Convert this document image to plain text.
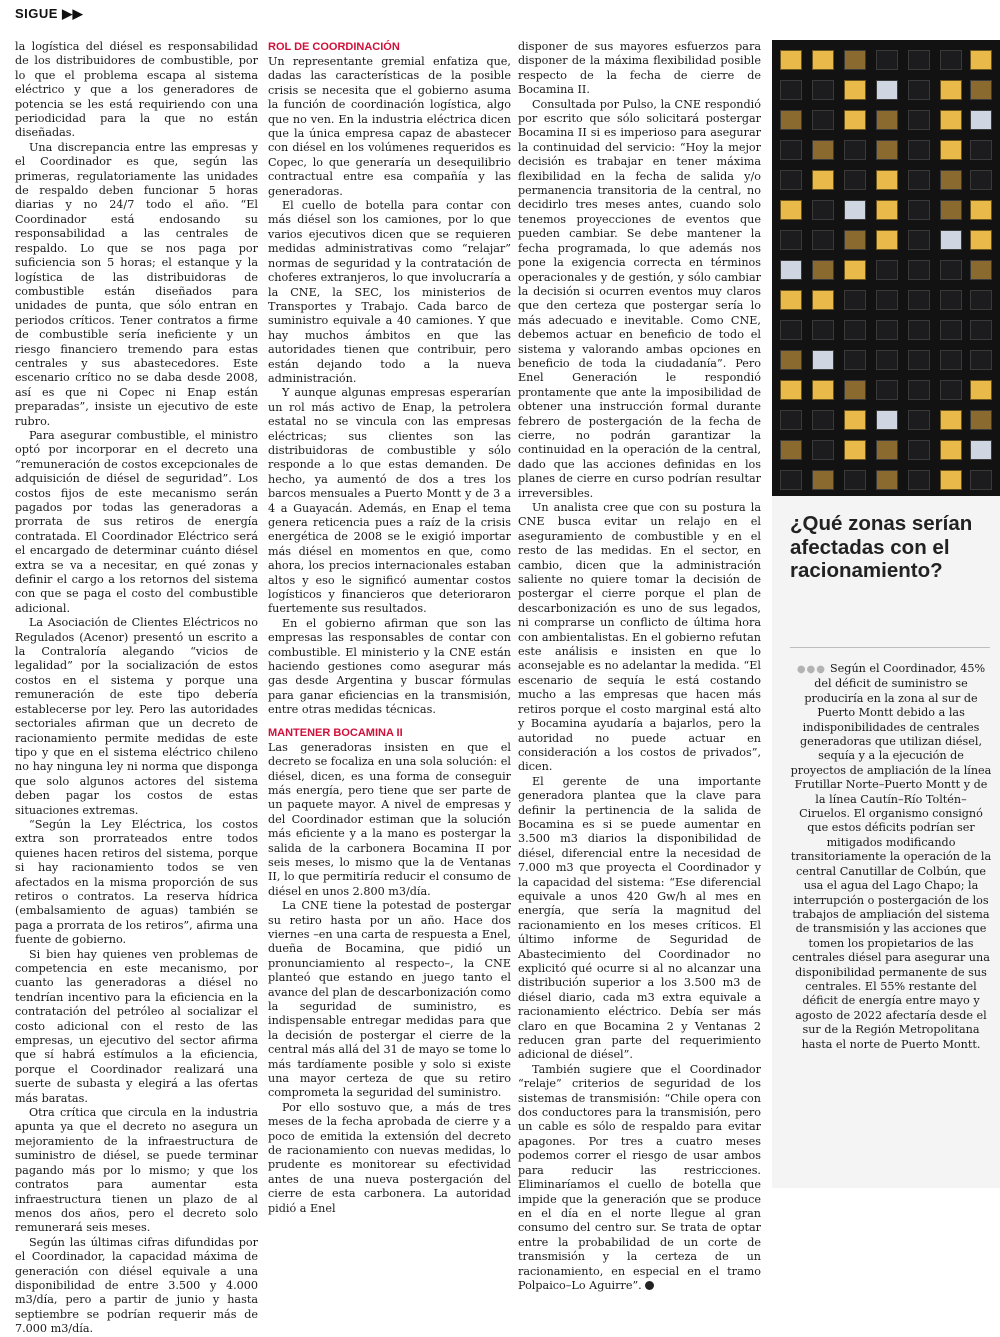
SIGUE ▶▶

la logística del diésel es responsabilidad de los distribuidores de combustible, por lo que el problema escapa al sistema eléctrico y que a los generadores de potencia se les está requiriendo con una periodicidad para la que no están diseñadas.

Una discrepancia entre las empresas y el Coordinador es que, según las primeras, regulatoriamente las unidades de respaldo deben funcionar 5 horas diarias y no 24/7 todo el año. “El Coordinador está endosando su responsabilidad a las centrales de respaldo. Lo que se nos paga por suficiencia son 5 horas; el estanque y la logística de las distribuidoras de combustible están diseñados para unidades de punta, que sólo entran en periodos críticos. Tener contratos a firme de combustible sería ineficiente y un riesgo financiero tremendo para estas centrales y sus abastecedores. Este escenario crítico no se daba desde 2008, así es que ni Copec ni Enap están preparadas”, insiste un ejecutivo de este rubro.

Para asegurar combustible, el ministro optó por incorporar en el decreto una “remuneración de costos excepcionales de adquisición de diésel de seguridad”. Los costos fijos de este mecanismo serán pagados por todas las generadoras a prorrata de sus retiros de energía contratada. El Coordinador Eléctrico será el encargado de determinar cuánto diésel extra se va a necesitar, en qué zonas y definir el cargo a los retornos del sistema con que se paga el costo del combustible adicional.

La Asociación de Clientes Eléctricos no Regulados (Acenor) presentó un escrito a la Contraloría alegando “vicios de legalidad” por la socialización de estos costos en el sistema y porque una remuneración de este tipo debería establecerse por ley. Pero las autoridades sectoriales afirman que un decreto de racionamiento permite medidas de este tipo y que en el sistema eléctrico chileno no hay ninguna ley ni norma que disponga que solo algunos actores del sistema deben pagar los costos de estas situaciones extremas.

“Según la Ley Eléctrica, los costos extra son prorrateados entre todos quienes hacen retiros del sistema, porque si hay racionamiento todos se ven afectados en la misma proporción de sus retiros o contratos. La reserva hídrica (embalsamiento de aguas) también se paga a prorrata de los retiros”, afirma una fuente de gobierno.

Si bien hay quienes ven problemas de competencia en este mecanismo, por cuanto las generadoras a diésel no tendrían incentivo para la eficiencia en la contratación del petróleo al socializar el costo adicional con el resto de las empresas, un ejecutivo del sector afirma que sí habrá estímulos a la eficiencia, porque el Coordinador realizará una suerte de subasta y elegirá a las ofertas más baratas.

Otra crítica que circula en la industria apunta ya que el decreto no asegura un mejoramiento de la infraestructura de suministro de diésel, se puede terminar pagando más por lo mismo; y que los contratos para aumentar esta infraestructura tienen un plazo de al menos dos años, pero el decreto solo remunerará seis meses.

Según las últimas cifras difundidas por el Coordinador, la capacidad máxima de generación con diésel equivale a una disponibilidad de entre 3.500 y 4.000 m3/día, pero a partir de junio y hasta septiembre se podrían requerir más de 7.000 m3/día.

ROL DE COORDINACIÓN

Un representante gremial enfatiza que, dadas las características de la posible crisis se necesita que el gobierno asuma la función de coordinación logística, algo que no ven. En la industria eléctrica dicen que la única empresa capaz de abastecer con diésel en los volúmenes requeridos es Copec, lo que generaría un desequilibrio contractual entre esa compañía y las generadoras.

El cuello de botella para contar con más diésel son los camiones, por lo que varios ejecutivos dicen que se requieren medidas administrativas como “relajar” normas de seguridad y la contratación de choferes extranjeros, lo que involucraría a la CNE, la SEC, los ministerios de Transportes y Trabajo. Cada barco de suministro equivale a 40 camiones. Y que hay muchos ámbitos en que las autoridades tienen que contribuir, pero están dejando todo a la nueva administración.

Y aunque algunas empresas esperarían un rol más activo de Enap, la petrolera estatal no se vincula con las empresas eléctricas; sus clientes son las distribuidoras de combustible y sólo responde a lo que estas demanden. De hecho, ya aumentó de dos a tres los barcos mensuales a Puerto Montt y de 3 a 4 a Guayacán. Además, en Enap el tema genera reticencia pues a raíz de la crisis energética de 2008 se le exigió importar más diésel en momentos en que, como ahora, los precios internacionales estaban altos y eso le significó aumentar costos logísticos y financieros que deterioraron fuertemente sus resultados.

En el gobierno afirman que son las empresas las responsables de contar con combustible. El ministerio y la CNE están haciendo gestiones como asegurar más gas desde Argentina y buscar fórmulas para ganar eficiencias en la transmisión, entre otras medidas técnicas.

MANTENER BOCAMINA II

Las generadoras insisten en que el decreto se focaliza en una sola solución: el diésel, dicen, es una forma de conseguir más energía, pero tiene que ser parte de un paquete mayor. A nivel de empresas y del Coordinador estiman que la solución más eficiente y a la mano es postergar la salida de la carbonera Bocamina II por seis meses, lo mismo que la de Ventanas II, lo que permitiría reducir el consumo de diésel en unos 2.800 m3/día.

La CNE tiene la potestad de postergar su retiro hasta por un año. Hace dos viernes –en una carta de respuesta a Enel, dueña de Bocamina, que pidió un pronunciamiento al respecto–, la CNE planteó que estando en juego tanto el avance del plan de descarbonización como la seguridad de suministro, es indispensable entregar medidas para que la decisión de postergar el cierre de la central más allá del 31 de mayo se tome lo más tardíamente posible y solo si existe una mayor certeza de que su retiro comprometa la seguridad del suministro.

Por ello sostuvo que, a más de tres meses de la fecha aprobada de cierre y a poco de emitida la extensión del decreto de racionamiento con nuevas medidas, lo prudente es monitorear su efectividad antes de una nueva postergación del cierre de esta carbonera. La autoridad pidió a Enel

disponer de sus mayores esfuerzos para disponer de la máxima flexibilidad posible respecto de la fecha de cierre de Bocamina II.

Consultada por Pulso, la CNE respondió por escrito que sólo solicitará postergar Bocamina II si es imperioso para asegurar la continuidad del servicio: “Hoy la mejor decisión es trabajar en tener máxima flexibilidad en la fecha de salida y/o permanencia transitoria de la central, no decidirlo tres meses antes, cuando solo tenemos proyecciones de eventos que pueden cambiar. Se debe mantener la fecha programada, lo que además nos pone la exigencia correcta en términos operacionales y de gestión, y sólo cambiar la decisión si ocurren eventos muy claros que den certeza que postergar sería lo más adecuado e inevitable. Como CNE, debemos actuar en beneficio de todo el sistema y valorando ambas opciones en beneficio de toda la ciudadanía”. Pero Enel Generación le respondió prontamente que ante la imposibilidad de obtener una instrucción formal durante febrero de postergación de la fecha de cierre, no podrán garantizar la continuidad en la operación de la central, dado que las acciones definidas en los planes de cierre en curso podrían resultar irreversibles.

Un analista cree que con su postura la CNE busca evitar un relajo en el aseguramiento de combustible y en el resto de las medidas. En el sector, en cambio, dicen que la administración saliente no quiere tomar la decisión de postergar el cierre porque el plan de descarbonización es uno de sus legados, ni comprarse un conflicto de última hora con ambientalistas. En el gobierno refutan este análisis e insisten en que lo aconsejable es no adelantar la medida. “El escenario de sequía le está costando mucho a las empresas que hacen más retiros porque el costo marginal está alto y Bocamina ayudaría a bajarlos, pero la autoridad no puede actuar en consideración a los costos de privados”, dicen.

El gerente de una importante generadora plantea que la clave para definir la pertinencia de la salida de Bocamina es si se puede aumentar en 3.500 m3 diarios la disponibilidad de diésel, diferencial entre la necesidad de 7.000 m3 que proyecta el Coordinador y la capacidad del sistema: “Ese diferencial equivale a unos 420 Gw/h al mes en energía, que sería la magnitud del racionamiento en los meses críticos. El último informe de Seguridad de Abastecimiento del Coordinador no explicitó qué ocurre si al no alcanzar una distribución superior a los 3.500 m3 de diésel diario, cada m3 extra equivale a racionamiento eléctrico. Debía ser más claro en que Bocamina 2 y Ventanas 2 reducen gran parte del requerimiento adicional de diésel”.

También sugiere que el Coordinador “relaje” criterios de seguridad de los sistemas de transmisión: “Chile opera con dos conductores para la transmisión, pero un cable es sólo de respaldo para evitar apagones. Por tres a cuatro meses podemos correr el riesgo de usar ambos para reducir las restricciones. Eliminaríamos el cuello de botella que impide que la generación que se produce en el día en el norte llegue al gran consumo del centro sur. Se trata de optar entre la probabilidad de un corte de transmisión y la certeza de un racionamiento, en especial en el tramo Polpaico–Lo Aguirre”.	P

¿Qué zonas serían afectadas con el racionamiento?
●●● Según el Coordinador, 45% del déficit de suministro se produciría en la zona al sur de Puerto Montt debido a las indisponibilidades de centrales generadoras que utilizan diésel, sequía y a la ejecución de proyectos de ampliación de la línea Frutillar Norte–Puerto Montt y de la línea Cautín–Río Toltén–Ciruelos. El organismo consignó que estos déficits podrían ser mitigados modificando transitoriamente la operación de la central Canutillar de Colbún, que usa el agua del Lago Chapo; la interrupción o postergación de los trabajos de ampliación del sistema de transmisión y las acciones que tomen los propietarios de las centrales diésel para asegurar una disponibilidad permanente de sus centrales. El 55% restante del déficit de energía entre mayo y agosto de 2022 afectaría desde el sur de la Región Metropolitana hasta el norte de Puerto Montt.
